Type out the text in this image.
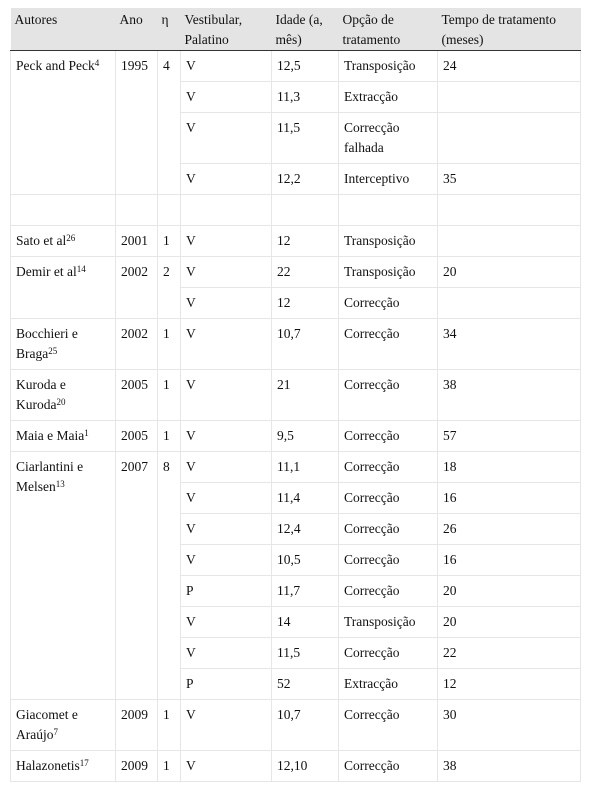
Autores	Ano	η	Vestibular, Palatino	Idade (a, mês)	Opção de tratamento	Tempo de tratamento (meses)
Peck and Peck$^4$	1995	4	V	12,5	Transposição	24
			V	11,3	Extracção	
			V	11,5	Correcção falhada	
			V	12,2	Interceptivo	35

Sato et $al^{26}$	2001	1	V	12	Transposição	
Demir et $al^{14}$	2002	2	V	22	Transposição	20
			V	12	Correcção	
Bocchieri e Braga$^{25}$	2002	1	V	10,7	Correcção	34
Kuroda e Kuroda$^{20}$	2005	1	V	21	Correcção	38
Maia e Maia$^1$	2005	1	V	9,5	Correcção	57
Ciarlantini e Melsen$^{13}$	2007	8	V	11,1	Correcção	18
			V	11,4	Correcção	16
			V	12,4	Correcção	26
			V	10,5	Correcção	16
			P	11,7	Correcção	20
			V	14	Transposição	20
			V	11,5	Correcção	22
			P	52	Extracção	12
Giacomet e Araújo$^7$	2009	1	V	10,7	Correcção	30
Halazonetis$^{17}$	2009	1	V	12,10	Correcção	38
